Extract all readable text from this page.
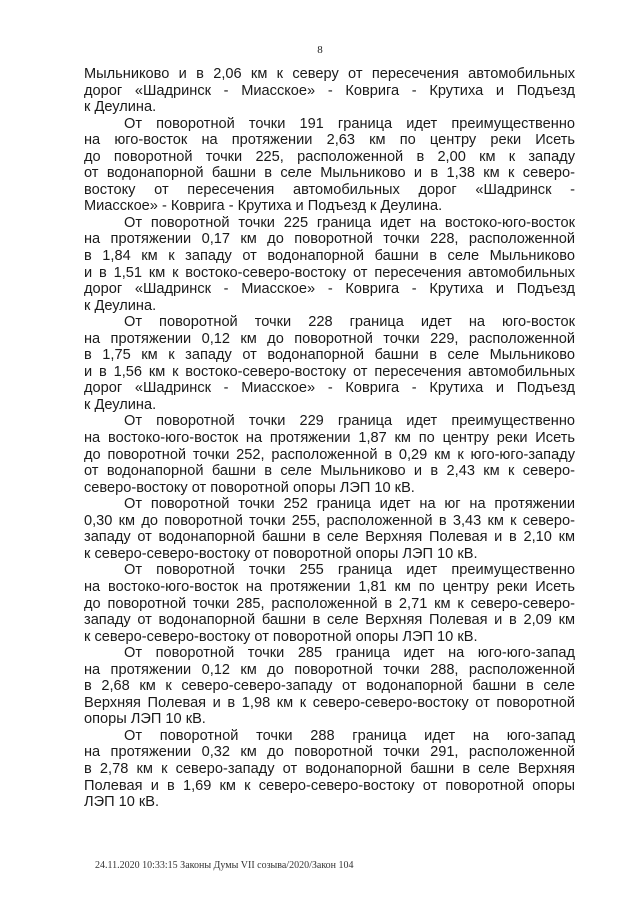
8
Мыльниково и в 2,06 км к северу от пересечения автомобильных
дорог «Шадринск - Миасское» - Коврига - Крутиха и Подъезд
к Деулина.
От поворотной точки 191 граница идет преимущественно
на юго-восток на протяжении 2,63 км по центру реки Исеть
до поворотной точки 225, расположенной в 2,00 км к западу
от водонапорной башни в селе Мыльниково и в 1,38 км к северо-
востоку от пересечения автомобильных дорог «Шадринск -
Миасское» - Коврига - Крутиха и Подъезд к Деулина.
От поворотной точки 225 граница идет на востоко-юго-восток
на протяжении 0,17 км до поворотной точки 228, расположенной
в 1,84 км к западу от водонапорной башни в селе Мыльниково
и в 1,51 км к востоко-северо-востоку от пересечения автомобильных
дорог «Шадринск - Миасское» - Коврига - Крутиха и Подъезд
к Деулина.
От поворотной точки 228 граница идет на юго-восток
на протяжении 0,12 км до поворотной точки 229, расположенной
в 1,75 км к западу от водонапорной башни в селе Мыльниково
и в 1,56 км к востоко-северо-востоку от пересечения автомобильных
дорог «Шадринск - Миасское» - Коврига - Крутиха и Подъезд
к Деулина.
От поворотной точки 229 граница идет преимущественно
на востоко-юго-восток на протяжении 1,87 км по центру реки Исеть
до поворотной точки 252, расположенной в 0,29 км к юго-юго-западу
от водонапорной башни в селе Мыльниково и в 2,43 км к северо-
северо-востоку от поворотной опоры ЛЭП 10 кВ.
От поворотной точки 252 граница идет на юг на протяжении
0,30 км до поворотной точки 255, расположенной в 3,43 км к северо-
западу от водонапорной башни в селе Верхняя Полевая и в 2,10 км
к северо-северо-востоку от поворотной опоры ЛЭП 10 кВ.
От поворотной точки 255 граница идет преимущественно
на востоко-юго-восток на протяжении 1,81 км по центру реки Исеть
до поворотной точки 285, расположенной в 2,71 км к северо-северо-
западу от водонапорной башни в селе Верхняя Полевая и в 2,09 км
к северо-северо-востоку от поворотной опоры ЛЭП 10 кВ.
От поворотной точки 285 граница идет на юго-юго-запад
на протяжении 0,12 км до поворотной точки 288, расположенной
в 2,68 км к северо-северо-западу от водонапорной башни в селе
Верхняя Полевая и в 1,98 км к северо-северо-востоку от поворотной
опоры ЛЭП 10 кВ.
От поворотной точки 288 граница идет на юго-запад
на протяжении 0,32 км до поворотной точки 291, расположенной
в 2,78 км к северо-западу от водонапорной башни в селе Верхняя
Полевая и в 1,69 км к северо-северо-востоку от поворотной опоры
ЛЭП 10 кВ.
24.11.2020 10:33:15 Законы Думы VII созыва/2020/Закон 104
